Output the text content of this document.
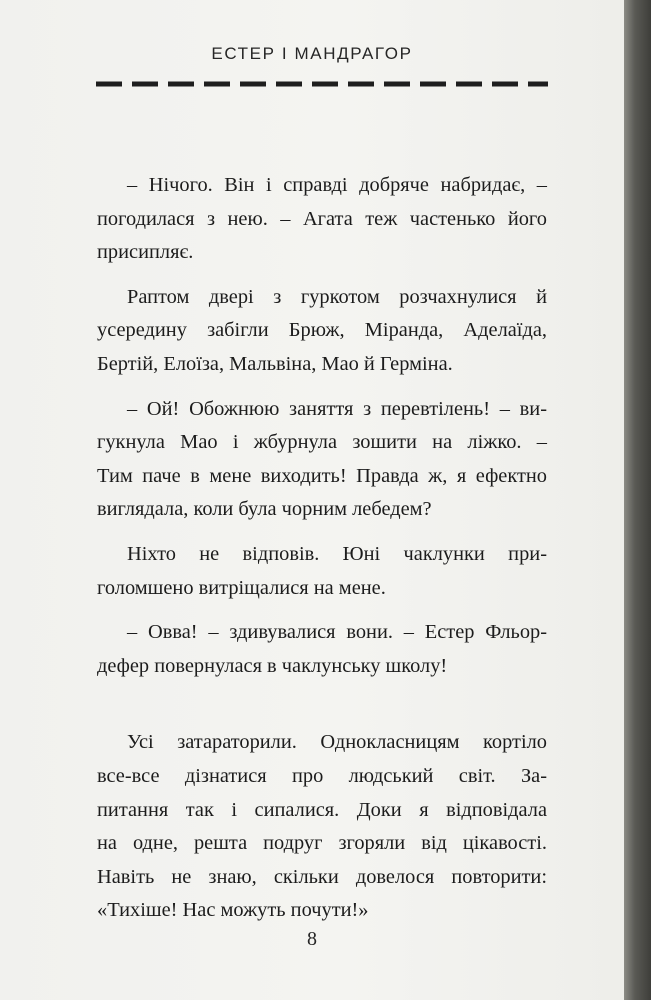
ЕСТЕР І МАНДРАГОР
– Нічого. Він і справді добряче набридає, –
погодилася з нею. – Агата теж частенько його
присипляє.
Раптом двері з гуркотом розчахнулися й
усередину забігли Брюж, Міранда, Аделаїда,
Бертій, Елоїза, Мальвіна, Мао й Герміна.
– Ой! Обожнюю заняття з перевтілень! – ви-
гукнула Мао і жбурнула зошити на ліжко. –
Тим паче в мене виходить! Правда ж, я ефектно
виглядала, коли була чорним лебедем?
Ніхто не відповів. Юні чаклунки при-
голомшено витріщалися на мене.
– Овва! – здивувалися вони. – Естер Фльор-
дефер повернулася в чаклунську школу!
Усі затараторили. Однокласницям кортіло
все-все дізнатися про людський світ. За-
питання так і сипалися. Доки я відповідала
на одне, решта подруг згоряли від цікавості.
Навіть не знаю, скільки довелося повторити:
«Тихіше! Нас можуть почути!»
8
